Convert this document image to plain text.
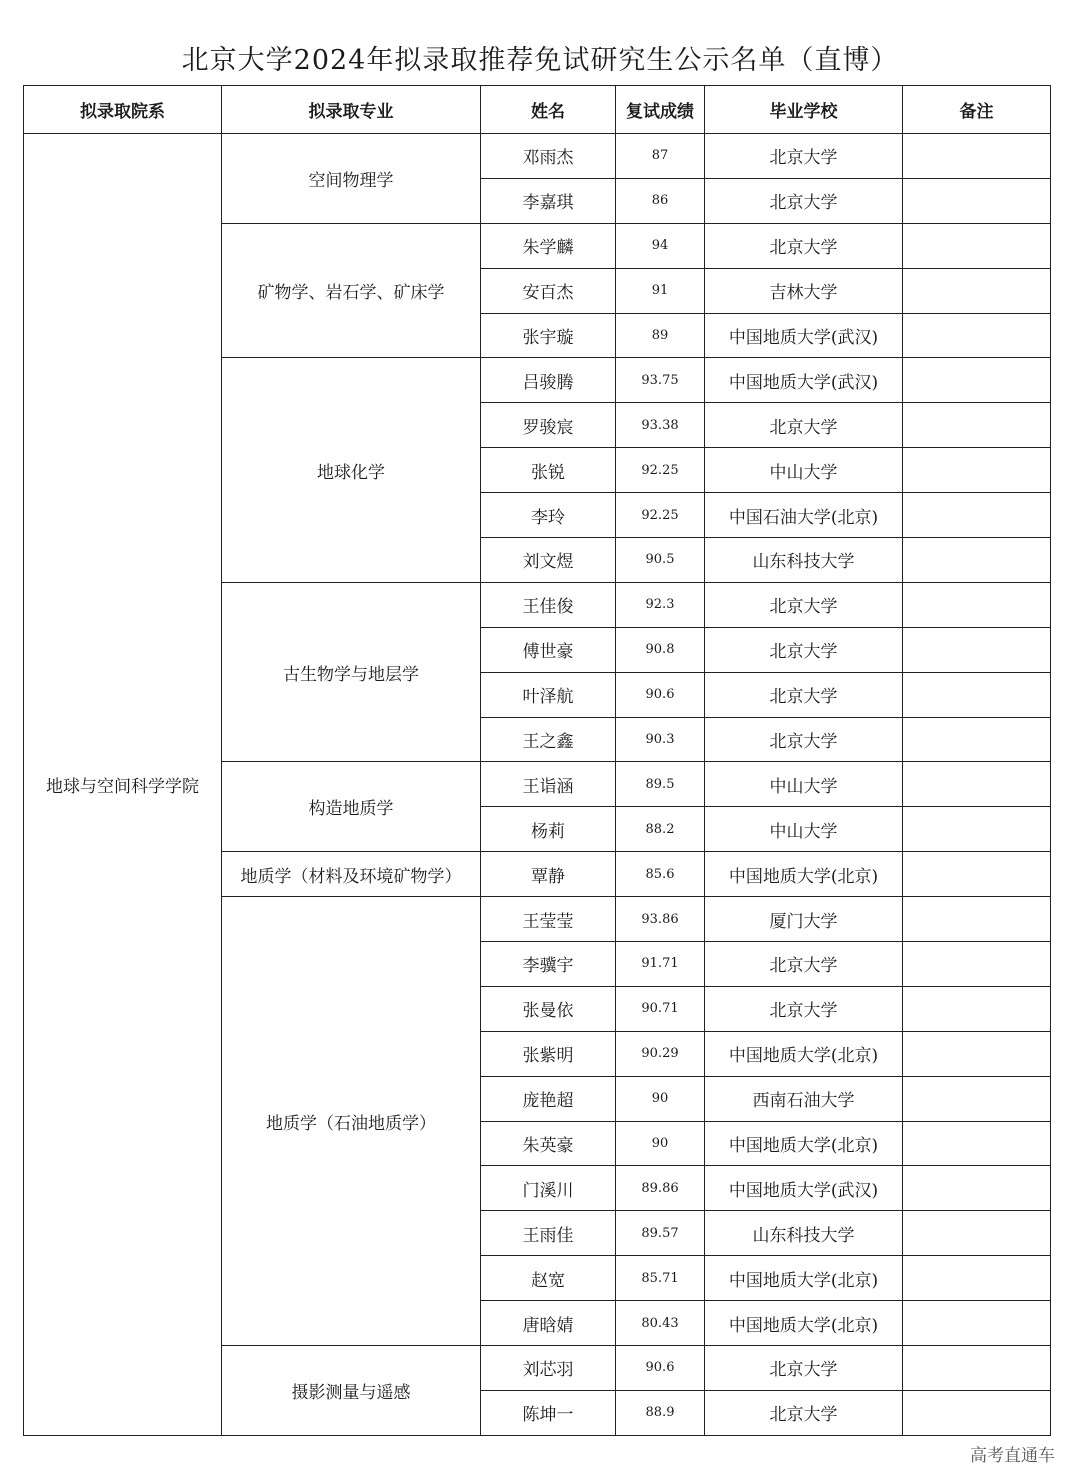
北京大学2024年拟录取推荐免试研究生公示名单（直博）
拟录取院系	拟录取专业	姓名	复试成绩	毕业学校	备注
地球与空间科学学院	空间物理学	邓雨杰	87	北京大学	
		李嘉琪	86	北京大学	
	矿物学、岩石学、矿床学	朱学麟	94	北京大学	
		安百杰	91	吉林大学	
		张宇璇	89	中国地质大学(武汉)	
	地球化学	吕骏腾	93.75	中国地质大学(武汉)	
		罗骏宸	93.38	北京大学	
		张锐	92.25	中山大学	
		李玲	92.25	中国石油大学(北京)	
		刘文煜	90.5	山东科技大学	
	古生物学与地层学	王佳俊	92.3	北京大学	
		傅世豪	90.8	北京大学	
		叶泽航	90.6	北京大学	
		王之鑫	90.3	北京大学	
	构造地质学	王诣涵	89.5	中山大学	
		杨莉	88.2	中山大学	
	地质学（材料及环境矿物学）	覃静	85.6	中国地质大学(北京)	
	地质学（石油地质学）	王莹莹	93.86	厦门大学	
		李骥宇	91.71	北京大学	
		张曼依	90.71	北京大学	
		张紫明	90.29	中国地质大学(北京)	
		庞艳超	90	西南石油大学	
		朱英豪	90	中国地质大学(北京)	
		门溪川	89.86	中国地质大学(武汉)	
		王雨佳	89.57	山东科技大学	
		赵宽	85.71	中国地质大学(北京)	
		唐晗婧	80.43	中国地质大学(北京)	
	摄影测量与遥感	刘芯羽	90.6	北京大学	
		陈坤一	88.9	北京大学	
高考直通车
